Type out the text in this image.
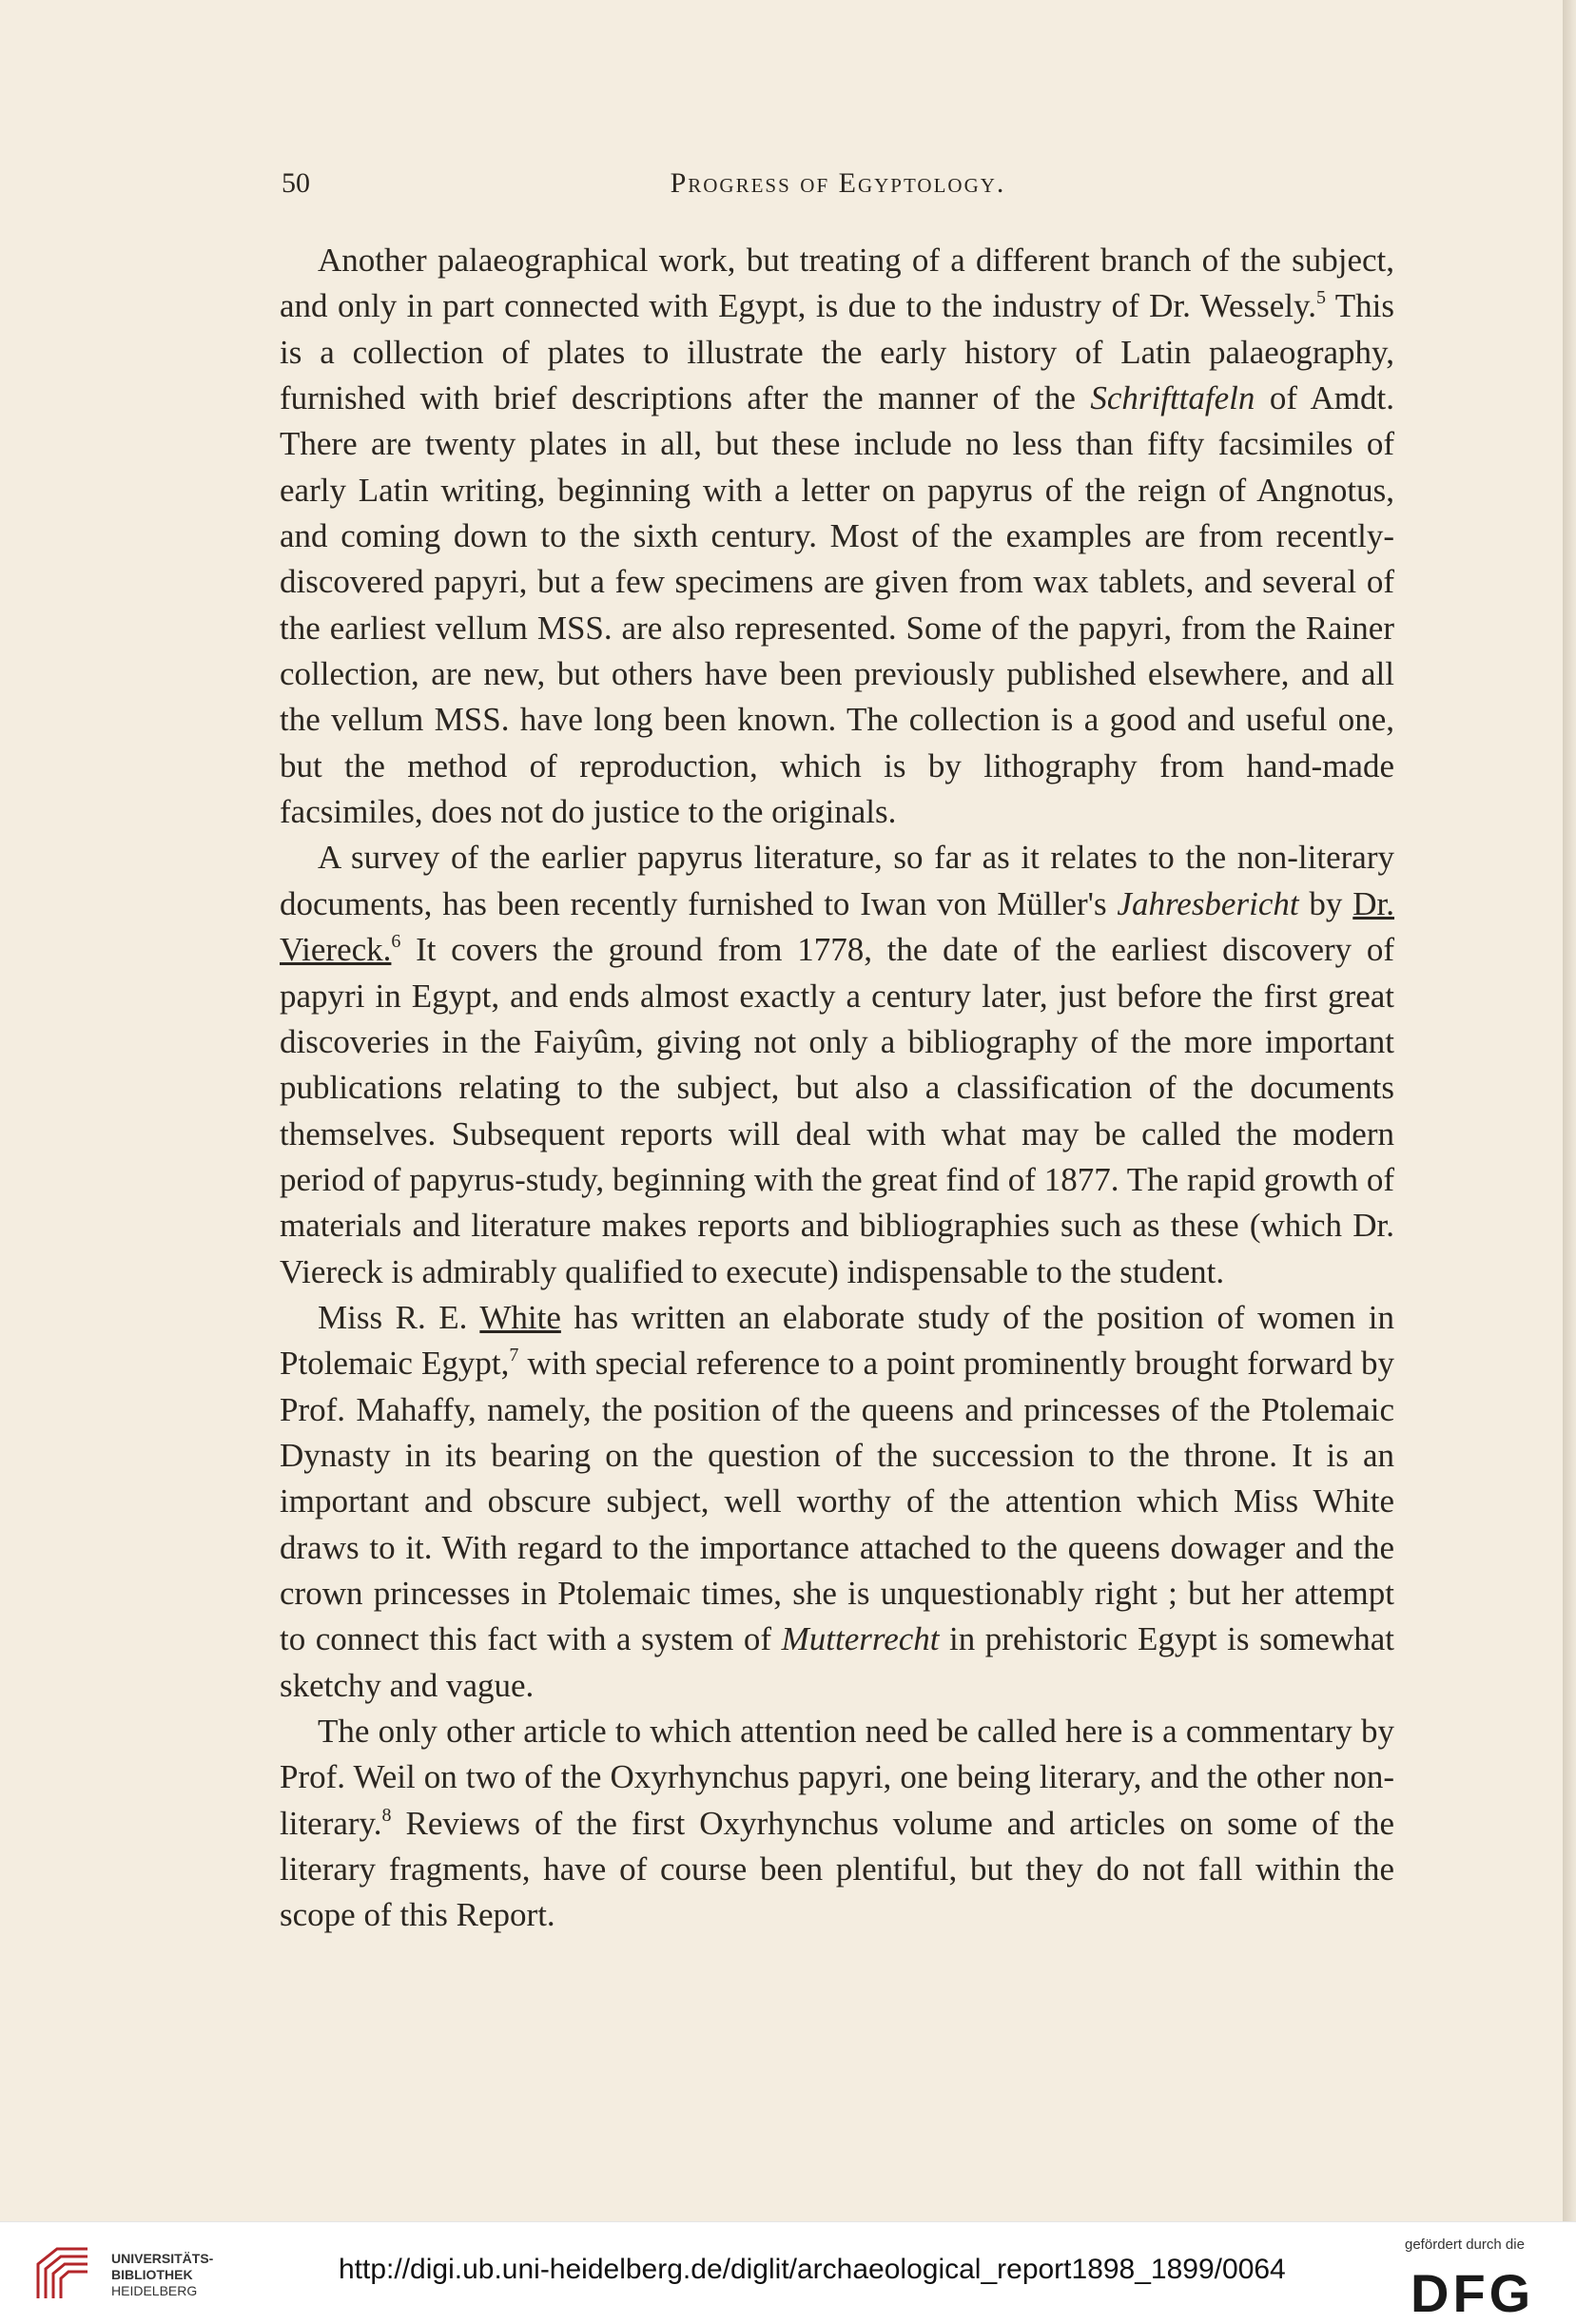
50	Progress of Egyptology.

Another palaeographical work, but treating of a different branch of the subject, and only in part connected with Egypt, is due to the industry of Dr. Wessely.$^5$ This is a collection of plates to illustrate the early history of Latin palaeography, furnished with brief descriptions after the manner of the Schrifttafeln of Amdt. There are twenty plates in all, but these include no less than fifty facsimiles of early Latin writing, beginning with a letter on papyrus of the reign of Angnotus, and coming down to the sixth century. Most of the examples are from recently-discovered papyri, but a few specimens are given from wax tablets, and several of the earliest vellum MSS. are also represented. Some of the papyri, from the Rainer collection, are new, but others have been previously published elsewhere, and all the vellum MSS. have long been known. The collection is a good and useful one, but the method of reproduction, which is by lithography from hand-made facsimiles, does not do justice to the originals.

A survey of the earlier papyrus literature, so far as it relates to the non-literary documents, has been recently furnished to Iwan von Müller's Jahresbericht by Dr. Viereck.$^6$ It covers the ground from 1778, the date of the earliest discovery of papyri in Egypt, and ends almost exactly a century later, just before the first great discoveries in the Faiyûm, giving not only a bibliography of the more important publications relating to the subject, but also a classification of the documents themselves. Subsequent reports will deal with what may be called the modern period of papyrus-study, beginning with the great find of 1877. The rapid growth of materials and literature makes reports and bibliographies such as these (which Dr. Viereck is admirably qualified to execute) indispensable to the student.

Miss R. E. White has written an elaborate study of the position of women in Ptolemaic Egypt,$^7$ with special reference to a point prominently brought forward by Prof. Mahaffy, namely, the position of the queens and princesses of the Ptolemaic Dynasty in its bearing on the question of the succession to the throne. It is an important and obscure subject, well worthy of the attention which Miss White draws to it. With regard to the importance attached to the queens dowager and the crown princesses in Ptolemaic times, she is unquestionably right ; but her attempt to connect this fact with a system of Mutterrecht in prehistoric Egypt is somewhat sketchy and vague.

The only other article to which attention need be called here is a commentary by Prof. Weil on two of the Oxyrhynchus papyri, one being literary, and the other non-literary.$^8$ Reviews of the first Oxyrhynchus volume and articles on some of the literary fragments, have of course been plentiful, but they do not fall within the scope of this Report.

UNIVERSITÄTS-
BIBLIOTHEK
HEIDELBERG
http://digi.ub.uni-heidelberg.de/diglit/archaeological_report1898_1899/0064
gefördert durch die
DFG
